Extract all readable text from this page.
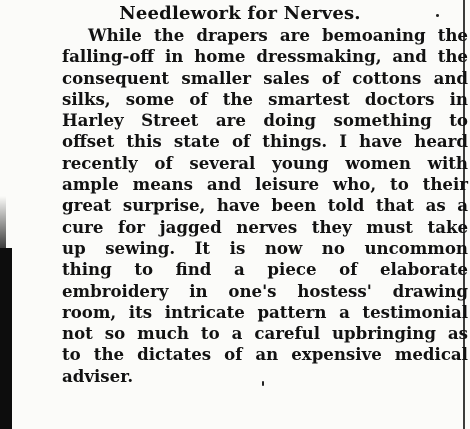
Needlework for Nerves.
While the drapers are bemoaning the
falling-off in home dressmaking, and the
consequent smaller sales of cottons and
silks, some of the smartest doctors in
Harley Street are doing something to
offset this state of things. I have heard
recently of several young women with
ample means and leisure who, to their
great surprise, have been told that as a
cure for jagged nerves they must take
up sewing. It is now no uncommon
thing to find a piece of elaborate
embroidery in one's hostess' drawing
room, its intricate pattern a testimonial
not so much to a careful upbringing as
to the dictates of an expensive medical
adviser.
